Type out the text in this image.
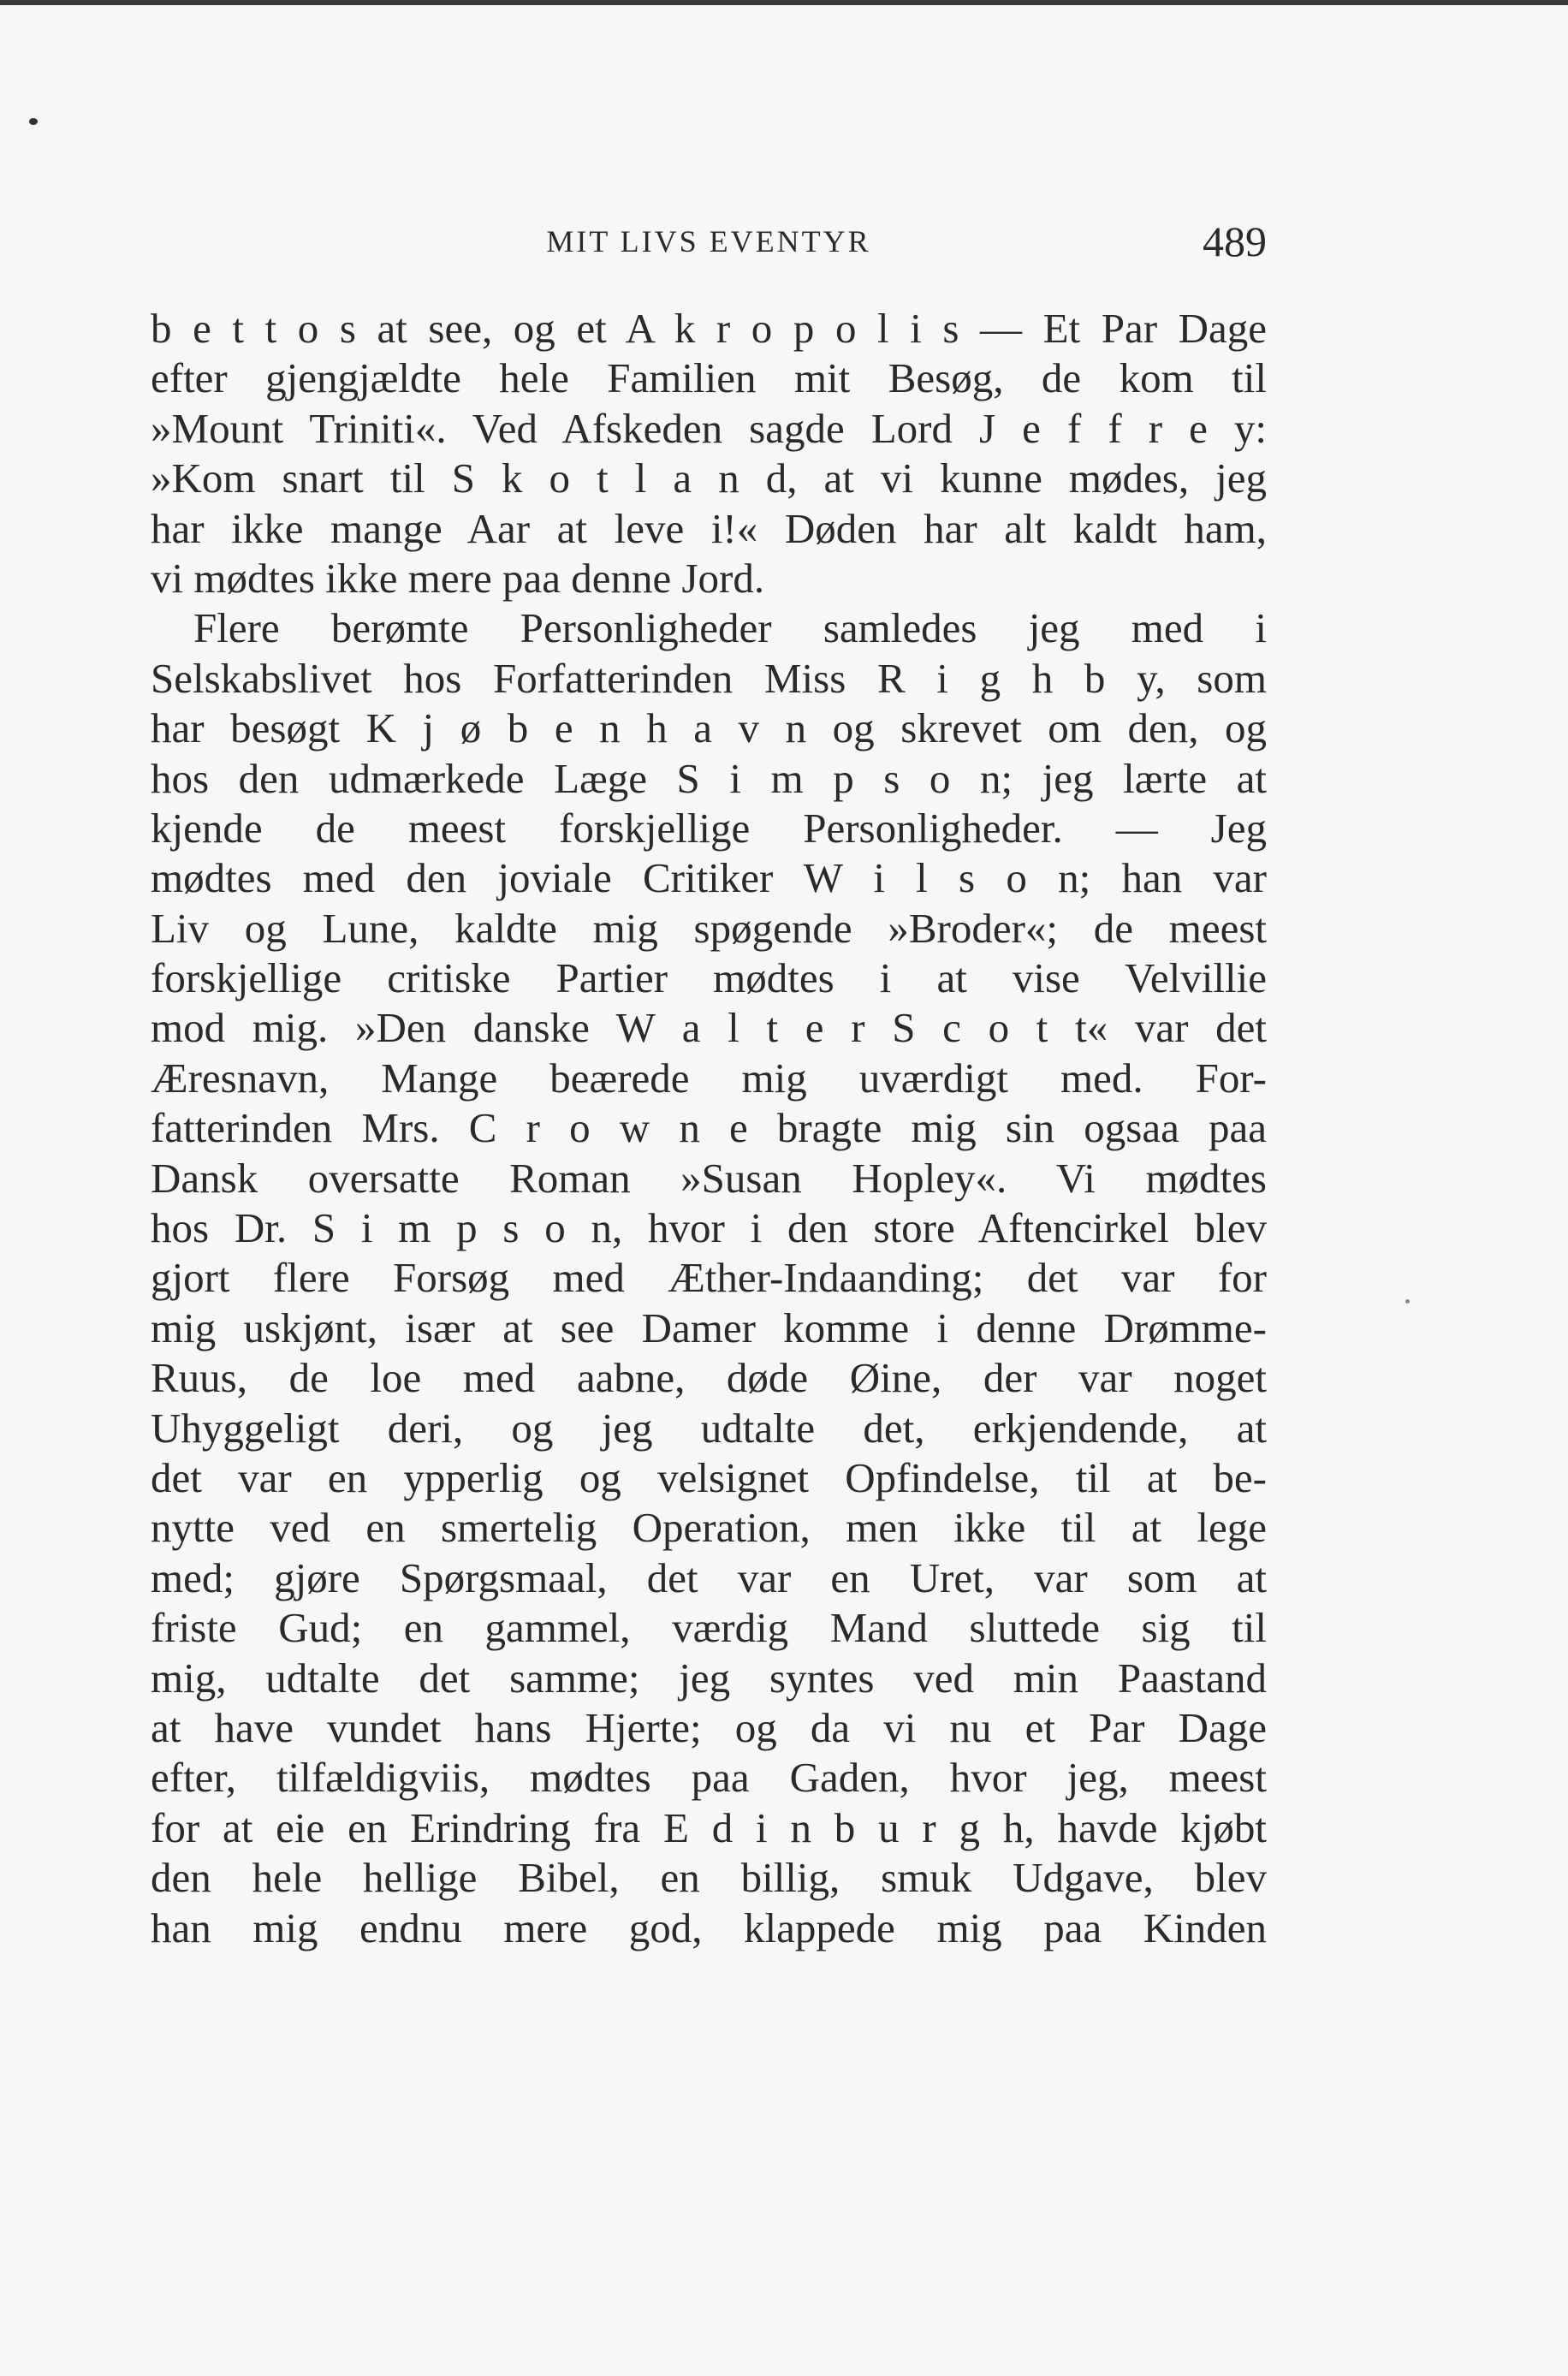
MIT LIVS EVENTYR	489
b e t t o s at see, og et A k r o p o l i s — Et Par Dage
efter gjengjældte hele Familien mit Besøg, de kom til
»Mount Triniti«. Ved Afskeden sagde Lord J e f f r e y:
»Kom snart til S k o t l a n d, at vi kunne mødes, jeg
har ikke mange Aar at leve i!« Døden har alt kaldt ham,
vi mødtes ikke mere paa denne Jord.
Flere berømte Personligheder samledes jeg med i
Selskabslivet hos Forfatterinden Miss R i g h b y, som
har besøgt K j ø b e n h a v n og skrevet om den, og
hos den udmærkede Læge S i m p s o n; jeg lærte at
kjende de meest forskjellige Personligheder. — Jeg
mødtes med den joviale Critiker W i l s o n; han var
Liv og Lune, kaldte mig spøgende »Broder«; de meest
forskjellige critiske Partier mødtes i at vise Velvillie
mod mig. »Den danske W a l t e r S c o t t« var det
Æresnavn, Mange beærede mig uværdigt med. For-
fatterinden Mrs. C r o w n e bragte mig sin ogsaa paa
Dansk oversatte Roman »Susan Hopley«. Vi mødtes
hos Dr. S i m p s o n, hvor i den store Aftencirkel blev
gjort flere Forsøg med Æther-Indaanding; det var for
mig uskjønt, især at see Damer komme i denne Drømme-
Ruus, de loe med aabne, døde Øine, der var noget
Uhyggeligt deri, og jeg udtalte det, erkjendende, at
det var en ypperlig og velsignet Opfindelse, til at be-
nytte ved en smertelig Operation, men ikke til at lege
med; gjøre Spørgsmaal, det var en Uret, var som at
friste Gud; en gammel, værdig Mand sluttede sig til
mig, udtalte det samme; jeg syntes ved min Paastand
at have vundet hans Hjerte; og da vi nu et Par Dage
efter, tilfældigviis, mødtes paa Gaden, hvor jeg, meest
for at eie en Erindring fra E d i n b u r g h, havde kjøbt
den hele hellige Bibel, en billig, smuk Udgave, blev
han mig endnu mere god, klappede mig paa Kinden
